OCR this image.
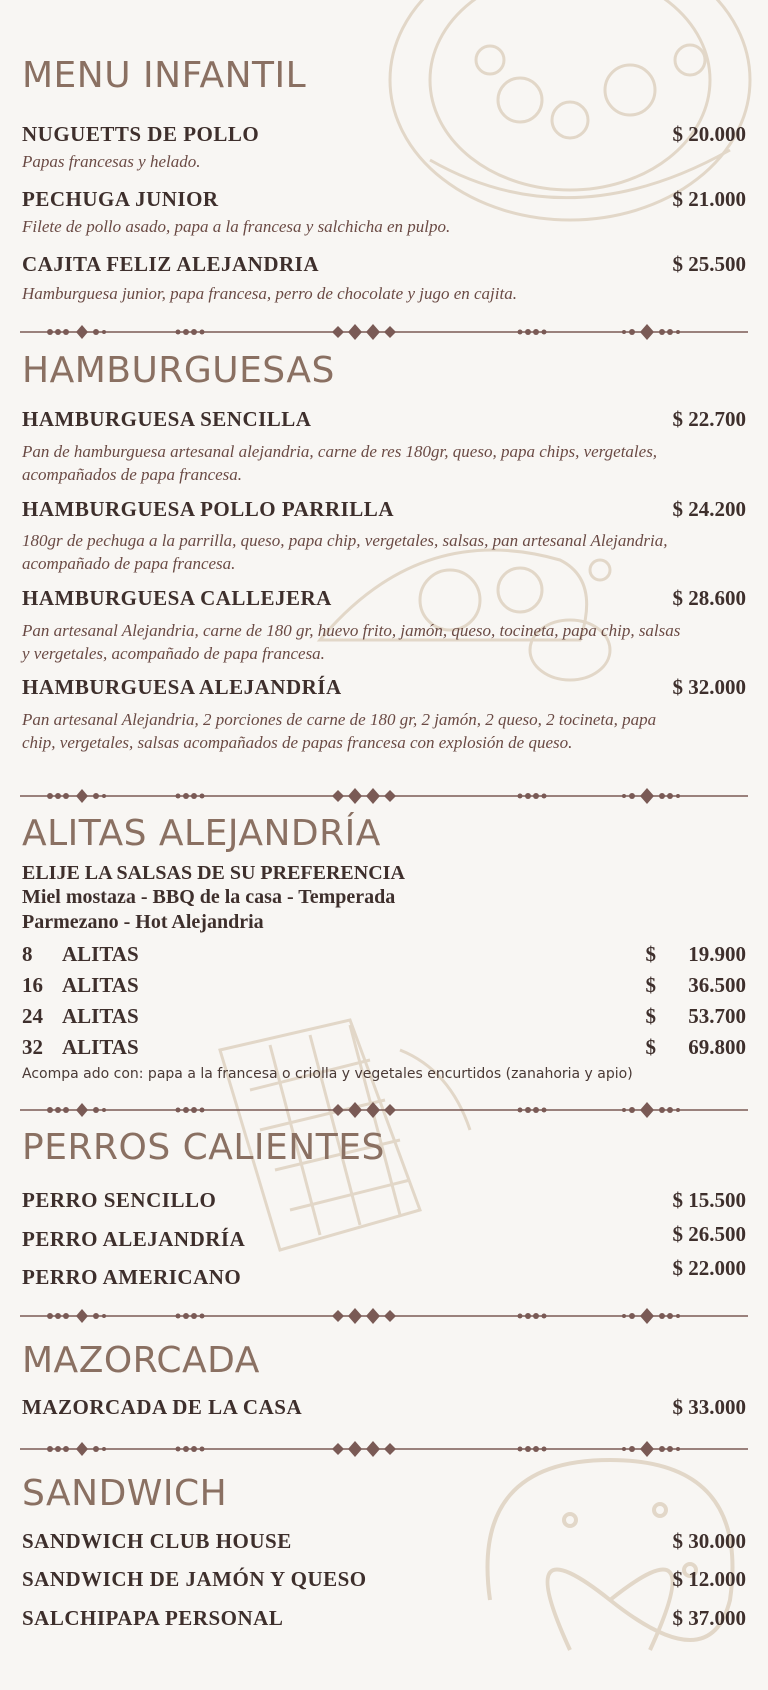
MENU INFANTIL
NUGUETTS DE POLLO	$ 20.000
Papas francesas y helado.
PECHUGA JUNIOR	$ 21.000
Filete de pollo asado, papa a la francesa y salchicha en pulpo.
CAJITA FELIZ ALEJANDRIA	$ 25.500
Hamburguesa junior, papa francesa, perro de chocolate y jugo en cajita.
HAMBURGUESAS
HAMBURGUESA SENCILLA	$ 22.700
Pan de hamburguesa artesanal alejandria, carne de res 180gr, queso, papa chips, vergetales, acompañados de papa francesa.
HAMBURGUESA POLLO PARRILLA	$ 24.200
180gr de pechuga a la parrilla, queso, papa chip, vergetales, salsas, pan artesanal Alejandria, acompañado de papa francesa.
HAMBURGUESA CALLEJERA	$ 28.600
Pan artesanal Alejandria, carne de 180 gr, huevo frito, jamón, queso, tocineta, papa chip, salsas y vergetales, acompañado de papa francesa.
HAMBURGUESA ALEJANDRÍA	$ 32.000
Pan artesanal Alejandria, 2 porciones de carne de 180 gr, 2 jamón, 2 queso, 2 tocineta, papa chip, vergetales, salsas acompañados de papas francesa con explosión de queso.
ALITAS ALEJANDRÍA
ELIJE LA SALSAS DE SU PREFERENCIA
Miel mostaza - BBQ de la casa - Temperada
Parmezano - Hot Alejandria
8 ALITAS	$ 19.900
16 ALITAS	$ 36.500
24 ALITAS	$ 53.700
32 ALITAS	$ 69.800
Acompa ado con: papa a la francesa o criolla y vegetales encurtidos (zanahoria y apio)
PERROS CALIENTES
PERRO SENCILLO	$ 15.500
PERRO ALEJANDRÍA	$ 26.500
PERRO AMERICANO	$ 22.000
MAZORCADA
MAZORCADA DE LA CASA	$ 33.000
SANDWICH
SANDWICH CLUB HOUSE	$ 30.000
SANDWICH DE JAMÓN Y QUESO	$ 12.000
SALCHIPAPA PERSONAL	$ 37.000
